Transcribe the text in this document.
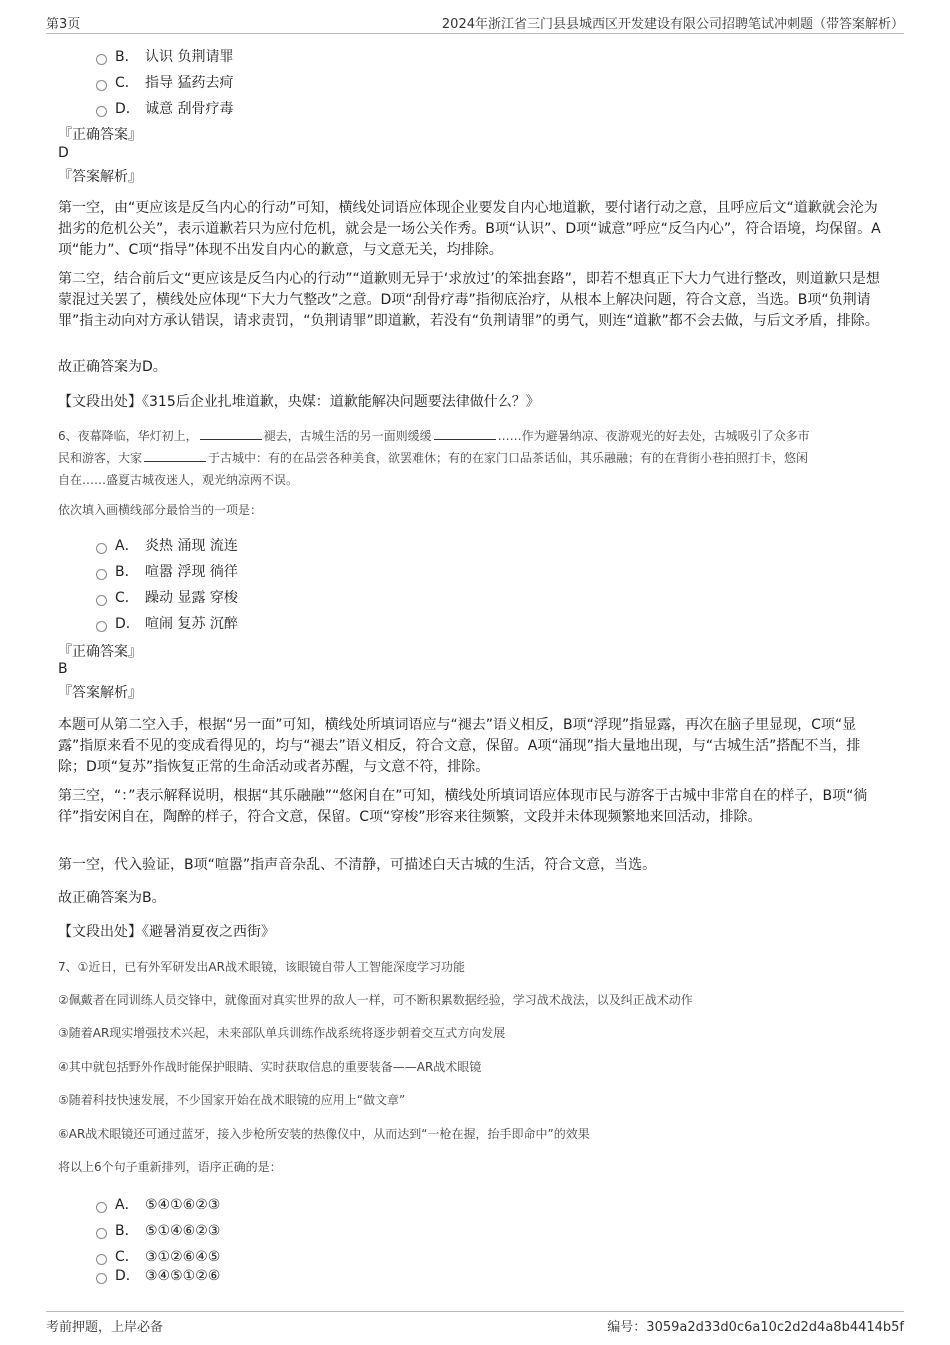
第3页	2024年浙江省三门县县城西区开发建设有限公司招聘笔试冲刺题（带答案解析）
B． 认识 负荆请罪
C． 指导 猛药去疴
D． 诚意 刮骨疗毒
『正确答案』
D
『答案解析』
第一空，由“更应该是反刍内心的行动”可知，横线处词语应体现企业要发自内心地道歉，要付诸行动之意，且呼应后文“道歉就会沦为拙劣的危机公关”，表示道歉若只为应付危机，就会是一场公关作秀。B项“认识”、D项“诚意”呼应“反刍内心”，符合语境，均保留。A项“能力”、C项“指导”体现不出发自内心的歉意，与文意无关，均排除。
第二空，结合前后文“更应该是反刍内心的行动”“道歉则无异于‘求放过’的笨拙套路”，即若不想真正下大力气进行整改，则道歉只是想蒙混过关罢了，横线处应体现“下大力气整改”之意。D项“刮骨疗毒”指彻底治疗，从根本上解决问题，符合文意，当选。B项“负荆请罪”指主动向对方承认错误，请求责罚，“负荆请罪”即道歉，若没有“负荆请罪”的勇气，则连“道歉”都不会去做，与后文矛盾，排除。
故正确答案为D。
【文段出处】《315后企业扎堆道歉，央媒：道歉能解决问题要法律做什么？》
6、夜幕降临，华灯初上，	褪去，古城生活的另一面则缓缓	……作为避暑纳凉、夜游观光的好去处，古城吸引了众多市
民和游客，大家	于古城中：有的在品尝各种美食，欲罢难休；有的在家门口品茶话仙，其乐融融；有的在背街小巷拍照打卡，悠闲
自在……盛夏古城夜迷人，观光纳凉两不误。
依次填入画横线部分最恰当的一项是：
A． 炎热 涌现 流连
B． 喧嚣 浮现 徜徉
C． 躁动 显露 穿梭
D． 喧闹 复苏 沉醉
『正确答案』
B
『答案解析』
本题可从第二空入手，根据“另一面”可知，横线处所填词语应与“褪去”语义相反，B项“浮现”指显露，再次在脑子里显现，C项“显露”指原来看不见的变成看得见的，均与“褪去”语义相反，符合文意，保留。A项“涌现”指大量地出现，与“古城生活”搭配不当，排除；D项“复苏”指恢复正常的生命活动或者苏醒，与文意不符，排除。
第三空，“：”表示解释说明，根据“其乐融融”“悠闲自在”可知，横线处所填词语应体现市民与游客于古城中非常自在的样子，B项“徜徉”指安闲自在，陶醉的样子，符合文意，保留。C项“穿梭”形容来往频繁，文段并未体现频繁地来回活动，排除。
第一空，代入验证，B项“喧嚣”指声音杂乱、不清静，可描述白天古城的生活，符合文意，当选。
故正确答案为B。
【文段出处】《避暑消夏夜之西街》
7、①近日，已有外军研发出AR战术眼镜，该眼镜自带人工智能深度学习功能
②佩戴者在同训练人员交锋中，就像面对真实世界的敌人一样，可不断积累数据经验，学习战术战法，以及纠正战术动作
③随着AR现实增强技术兴起，未来部队单兵训练作战系统将逐步朝着交互式方向发展
④其中就包括野外作战时能保护眼睛、实时获取信息的重要装备——AR战术眼镜
⑤随着科技快速发展，不少国家开始在战术眼镜的应用上“做文章”
⑥AR战术眼镜还可通过蓝牙，接入步枪所安装的热像仪中，从而达到“一枪在握，抬手即命中”的效果
将以上6个句子重新排列，语序正确的是：
A． ⑤④①⑥②③
B． ⑤①④⑥②③
C． ③①②⑥④⑤
D． ③④⑤①②⑥
考前押题，上岸必备	编号：3059a2d33d0c6a10c2d2d4a8b4414b5f
